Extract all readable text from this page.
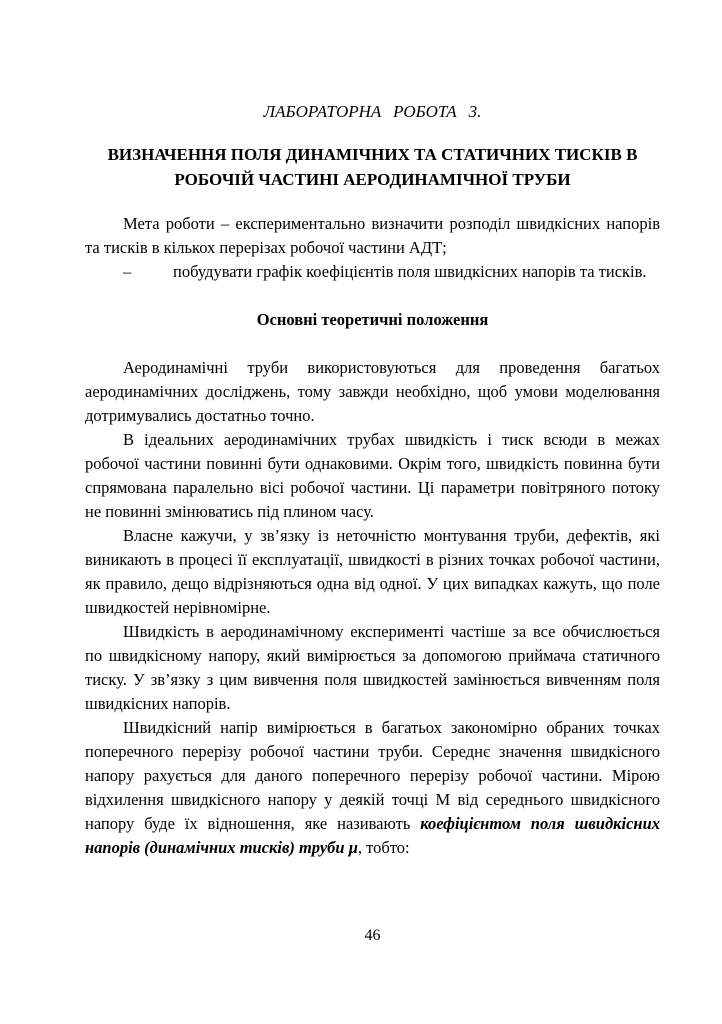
ЛАБОРАТОРНА РОБОТА 3.
ВИЗНАЧЕННЯ ПОЛЯ ДИНАМІЧНИХ ТА СТАТИЧНИХ ТИСКІВ В РОБОЧІЙ ЧАСТИНІ АЕРОДИНАМІЧНОЇ ТРУБИ

Мета роботи – експериментально визначити розподіл швидкісних напорів та тисків в кількох перерізах робочої частини АДТ;

–	побудувати графік коефіцієнтів поля швидкісних напорів та тисків.

Основні теоретичні положення

Аеродинамічні труби використовуються для проведення багатьох аеродинамічних досліджень, тому завжди необхідно, щоб умови моделювання дотримувались достатньо точно.

В ідеальних аеродинамічних трубах швидкість і тиск всюди в межах робочої частини повинні бути однаковими. Окрім того, швидкість повинна бути спрямована паралельно вісі робочої частини. Ці параметри повітряного потоку не повинні змінюватись під плином часу.

Власне кажучи, у зв’язку із неточністю монтування труби, дефектів, які виникають в процесі її експлуатації, швидкості в різних точках робочої частини, як правило, дещо відрізняються одна від одної. У цих випадках кажуть, що поле швидкостей нерівномірне.

Швидкість в аеродинамічному експерименті частіше за все обчислюється по швидкісному напору, який вимірюється за допомогою приймача статичного тиску. У зв’язку з цим вивчення поля швидкостей замінюється вивченням поля швидкісних напорів.

Швидкісний напір вимірюється в багатьох закономірно обраних точках поперечного перерізу робочої частини труби. Середнє значення швидкісного напору рахується для даного поперечного перерізу робочої частини. Мірою відхилення швидкісного напору у деякій точці М від середнього швидкісного напору буде їх відношення, яке називають коефіцієнтом поля швидкісних напорів (динамічних тисків) труби μ, тобто:

46
